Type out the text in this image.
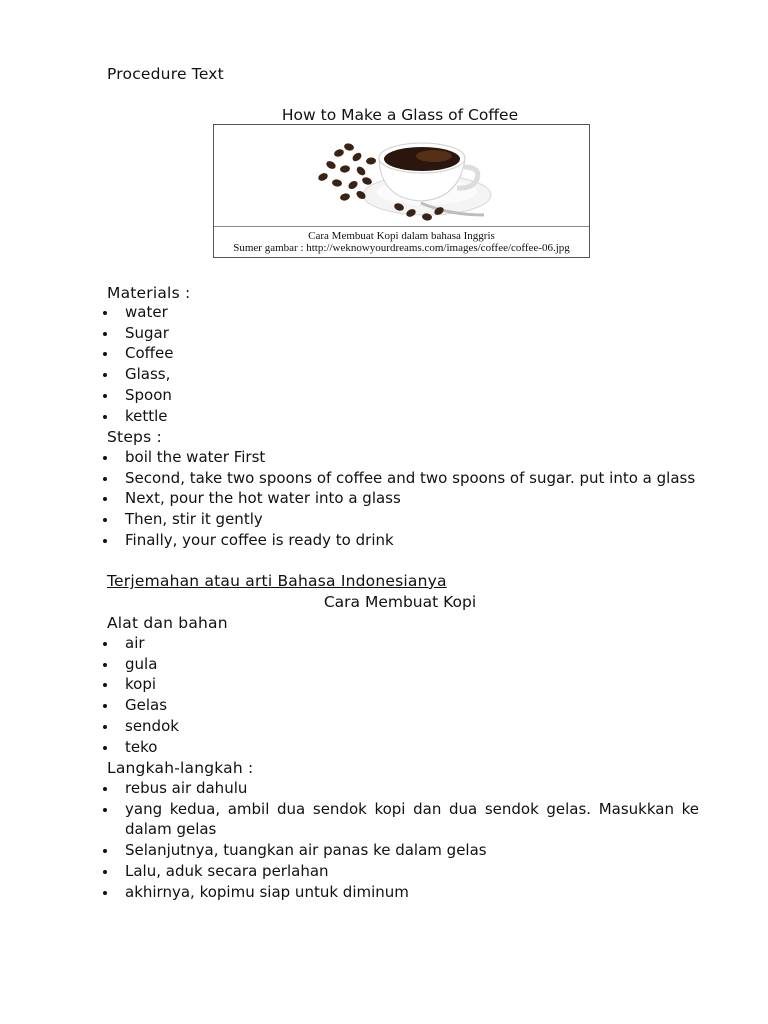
Procedure Text
How to Make a Glass of Coffee
Cara Membuat Kopi dalam bahasa Inggris
Sumer gambar : http://weknowyourdreams.com/images/coffee/coffee-06.jpg
Materials :
water
Sugar
Coffee
Glass,
Spoon
kettle
Steps :
boil the water First
Second, take two spoons of coffee and two spoons of sugar. put into a glass
Next, pour the hot water into a glass
Then, stir it gently
Finally, your coffee is ready to drink
Terjemahan atau arti Bahasa Indonesianya
Cara Membuat Kopi
Alat dan bahan
air
gula
kopi
Gelas
sendok
teko
Langkah-langkah :
rebus air dahulu
yang kedua, ambil dua sendok kopi dan dua sendok gelas. Masukkan ke dalam gelas
Selanjutnya, tuangkan air panas ke dalam gelas
Lalu, aduk secara perlahan
akhirnya, kopimu siap untuk diminum
